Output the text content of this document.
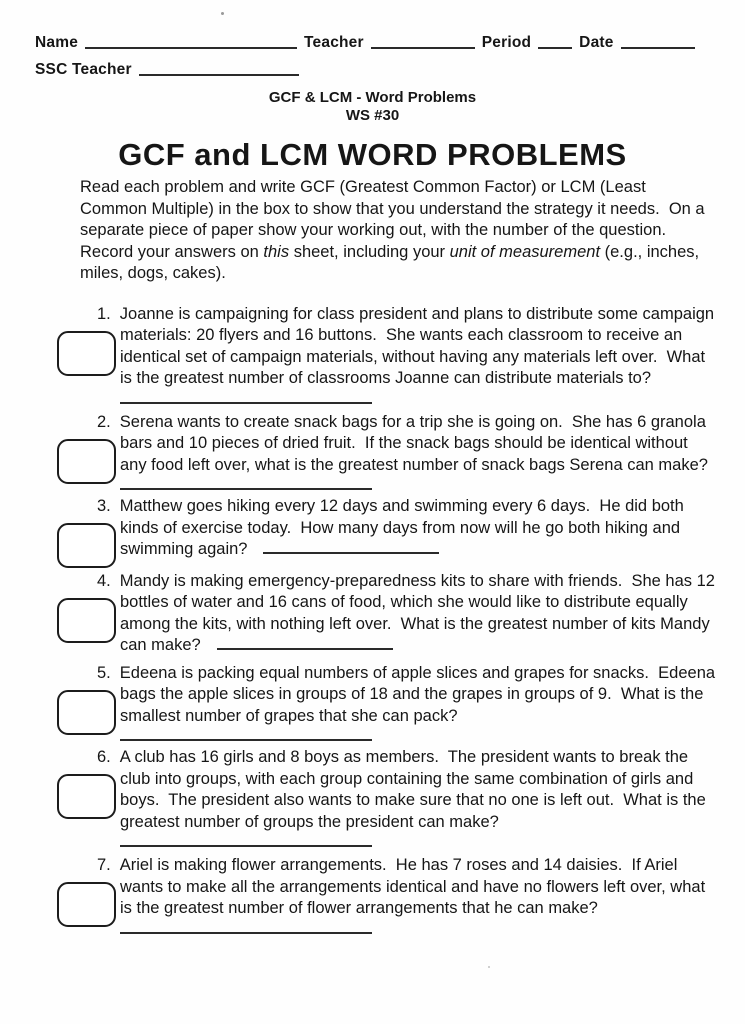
Name	Teacher	Period	Date
SSC Teacher
GCF & LCM - Word Problems
WS #30
GCF and LCM WORD PROBLEMS

Read each problem and write GCF (Greatest Common Factor) or LCM (Least Common Multiple) in the box to show that you understand the strategy it needs.  On a separate piece of paper show your working out, with the number of the question.  Record your answers on this sheet, including your unit of measurement (e.g., inches, miles, dogs, cakes).

1. Joanne is campaigning for class president and plans to distribute some campaign materials: 20 flyers and 16 buttons.  She wants each classroom to receive an identical set of campaign materials, without having any materials left over.  What is the greatest number of classrooms Joanne can distribute materials to?

2. Serena wants to create snack bags for a trip she is going on.  She has 6 granola bars and 10 pieces of dried fruit.  If the snack bags should be identical without any food left over, what is the greatest number of snack bags Serena can make?

3. Matthew goes hiking every 12 days and swimming every 6 days.  He did both kinds of exercise today.  How many days from now will he go both hiking and swimming again?

4. Mandy is making emergency-preparedness kits to share with friends.  She has 12 bottles of water and 16 cans of food, which she would like to distribute equally among the kits, with nothing left over.  What is the greatest number of kits Mandy can make?

5. Edeena is packing equal numbers of apple slices and grapes for snacks.  Edeena bags the apple slices in groups of 18 and the grapes in groups of 9.  What is the smallest number of grapes that she can pack?

6. A club has 16 girls and 8 boys as members.  The president wants to break the club into groups, with each group containing the same combination of girls and boys.  The president also wants to make sure that no one is left out.  What is the greatest number of groups the president can make?

7. Ariel is making flower arrangements.  He has 7 roses and 14 daisies.  If Ariel wants to make all the arrangements identical and have no flowers left over, what is the greatest number of flower arrangements that he can make?
